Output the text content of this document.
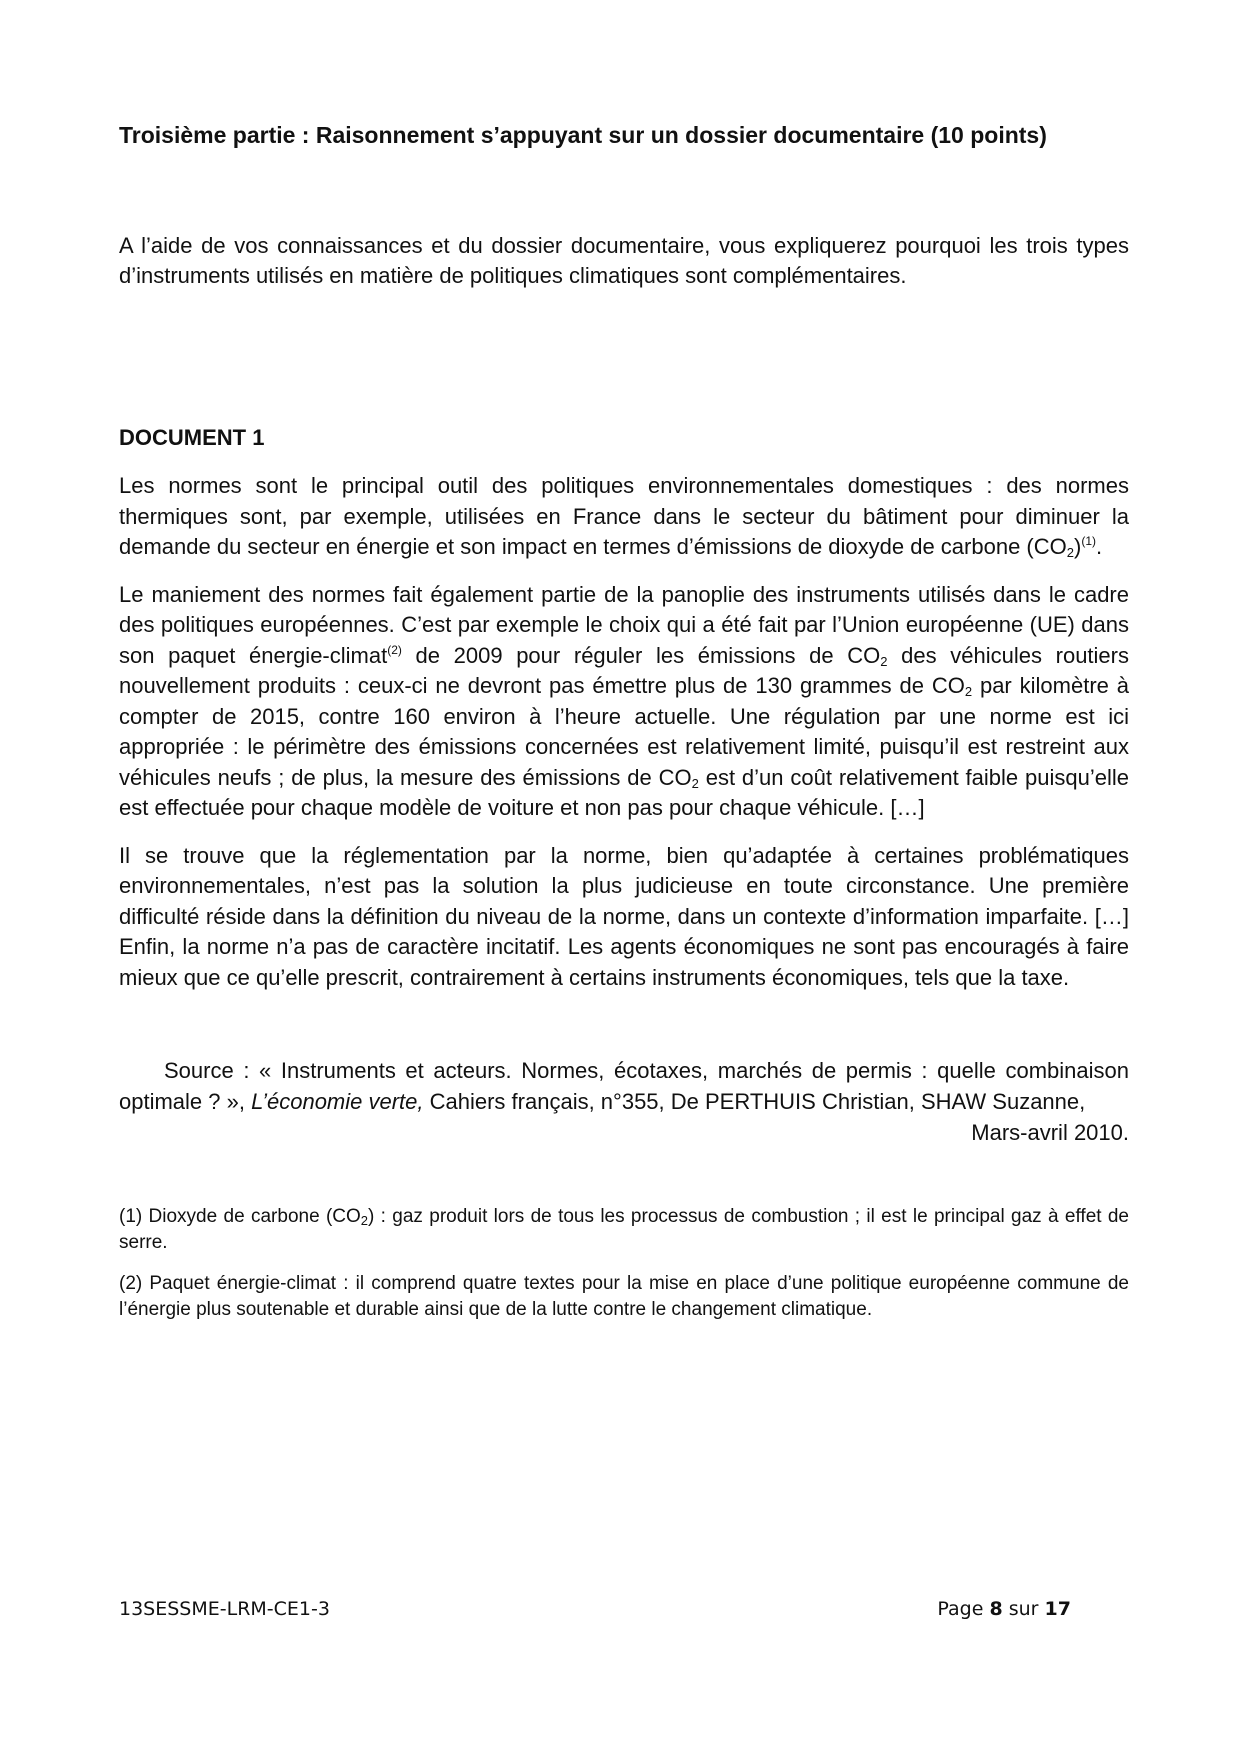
Troisième partie : Raisonnement s’appuyant sur un dossier documentaire (10 points)

A l’aide de vos connaissances et du dossier documentaire, vous expliquerez pourquoi les trois types d’instruments utilisés en matière de politiques climatiques sont complémentaires.

DOCUMENT 1

Les normes sont le principal outil des politiques environnementales domestiques : des normes thermiques sont, par exemple, utilisées en France dans le secteur du bâtiment pour diminuer la demande du secteur en énergie et son impact en termes d’émissions de dioxyde de carbone $(CO_2)^{(1)}$.

Le maniement des normes fait également partie de la panoplie des instruments utilisés dans le cadre des politiques européennes. C’est par exemple le choix qui a été fait par l’Union européenne (UE) dans son paquet énergie-climat$^{(2)}$ de 2009 pour réguler les émissions de $CO_2$ des véhicules routiers nouvellement produits : ceux-ci ne devront pas émettre plus de 130 grammes de $CO_2$ par kilomètre à compter de 2015, contre 160 environ à l’heure actuelle. Une régulation par une norme est ici appropriée : le périmètre des émissions concernées est relativement limité, puisqu’il est restreint aux véhicules neufs ; de plus, la mesure des émissions de $CO_2$ est d’un coût relativement faible puisqu’elle est effectuée pour chaque modèle de voiture et non pas pour chaque véhicule. […]

Il se trouve que la réglementation par la norme, bien qu’adaptée à certaines problématiques environnementales, n’est pas la solution la plus judicieuse en toute circonstance. Une première difficulté réside dans la définition du niveau de la norme, dans un contexte d’information imparfaite. […] Enfin, la norme n’a pas de caractère incitatif. Les agents économiques ne sont pas encouragés à faire mieux que ce qu’elle prescrit, contrairement à certains instruments économiques, tels que la taxe.

Source : « Instruments et acteurs. Normes, écotaxes, marchés de permis : quelle combinaison optimale ? », L’économie verte, Cahiers français, n°355, De PERTHUIS Christian, SHAW Suzanne,
Mars-avril 2010.

(1) Dioxyde de carbone $(CO_2)$ : gaz produit lors de tous les processus de combustion ; il est le principal gaz à effet de serre.

(2) Paquet énergie-climat : il comprend quatre textes pour la mise en place d’une politique européenne commune de l’énergie plus soutenable et durable ainsi que de la lutte contre le changement climatique.

13SESSME-LRM-CE1-3	Page 8 sur 17
